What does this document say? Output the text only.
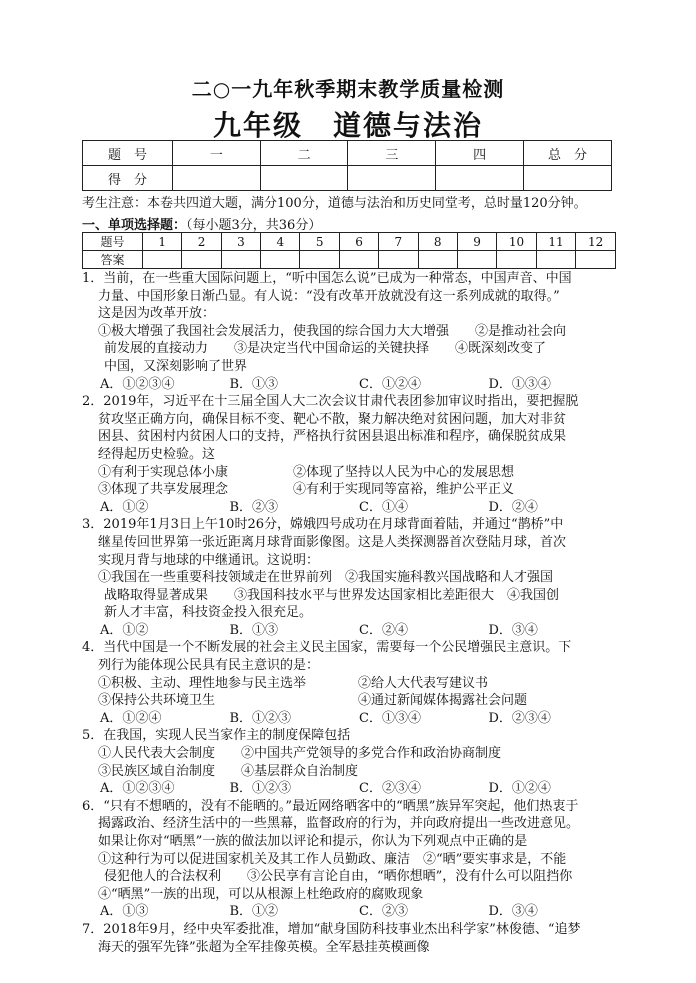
二○一九年秋季期末教学质量检测
九年级　道德与法治
题　号	一	二	三	四	总　分
得　分					
考生注意：本卷共四道大题，满分100分，道德与法治和历史同堂考，总时量120分钟。
一、单项选择题：（每小题3分，共36分）
题号	1	2	3	4	5	6	7	8	9	10	11	12
答案												
1．当前，在一些重大国际问题上，“听中国怎么说”已成为一种常态，中国声音、中国
力量、中国形象日渐凸显。有人说：“没有改革开放就没有这一系列成就的取得。”
这是因为改革开放：
①极大增强了我国社会发展活力，使我国的综合国力大大增强　　②是推动社会向
前发展的直接动力　　③是决定当代中国命运的关键抉择　　④既深刻改变了
中国，又深刻影响了世界
A．①②③④	B．①③	C．①②④	D．①③④
2．2019年，习近平在十三届全国人大二次会议甘肃代表团参加审议时指出，要把握脱
贫攻坚正确方向，确保目标不变、靶心不散，聚力解决绝对贫困问题，加大对非贫
困县、贫困村内贫困人口的支持，严格执行贫困县退出标准和程序，确保脱贫成果
经得起历史检验。这
①有利于实现总体小康　　　　　②体现了坚持以人民为中心的发展思想
③体现了共享发展理念　　　　　④有利于实现同等富裕，维护公平正义
A．①②	B．②③	C．①④	D．②④
3．2019年1月3日上午10时26分，嫦娥四号成功在月球背面着陆，并通过“鹊桥”中
继星传回世界第一张近距离月球背面影像图。这是人类探测器首次登陆月球，首次
实现月背与地球的中继通讯。这说明：
①我国在一些重要科技领域走在世界前列　②我国实施科教兴国战略和人才强国
战略取得显著成果　　③我国科技水平与世界发达国家相比差距很大　④我国创
新人才丰富，科技资金投入很充足。
A．①②	B．①③	C．②④	D．③④
4．当代中国是一个不断发展的社会主义民主国家，需要每一个公民增强民主意识。下
列行为能体现公民具有民主意识的是：
①积极、主动、理性地参与民主选举　　　　②给人大代表写建议书
③保持公共环境卫生　　　　　　　　　　　④通过新闻媒体揭露社会问题
A．①②④	B．①②③	C．①③④	D．②③④
5．在我国，实现人民当家作主的制度保障包括
①人民代表大会制度　　②中国共产党领导的多党合作和政治协商制度
③民族区域自治制度　　④基层群众自治制度
A．①②③④	B．①②③	C．②③④	D．①②④
6．“只有不想晒的，没有不能晒的。”最近网络晒客中的“晒黑”族异军突起，他们热衷于
揭露政治、经济生活中的一些黑幕，监督政府的行为，并向政府提出一些改进意见。
如果让你对“晒黑”一族的做法加以评论和提示，你认为下列观点中正确的是
①这种行为可以促进国家机关及其工作人员勤政、廉洁　②“晒”要实事求是，不能
侵犯他人的合法权利　　③公民享有言论自由，“晒你想晒”，没有什么可以阻挡你
④“晒黑”一族的出现，可以从根源上杜绝政府的腐败现象
A．①③	B．①②	C．②③	D．③④
7．2018年9月，经中央军委批准，增加“献身国防科技事业杰出科学家”林俊德、“追梦
海天的强军先锋”张超为全军挂像英模。全军悬挂英模画像
